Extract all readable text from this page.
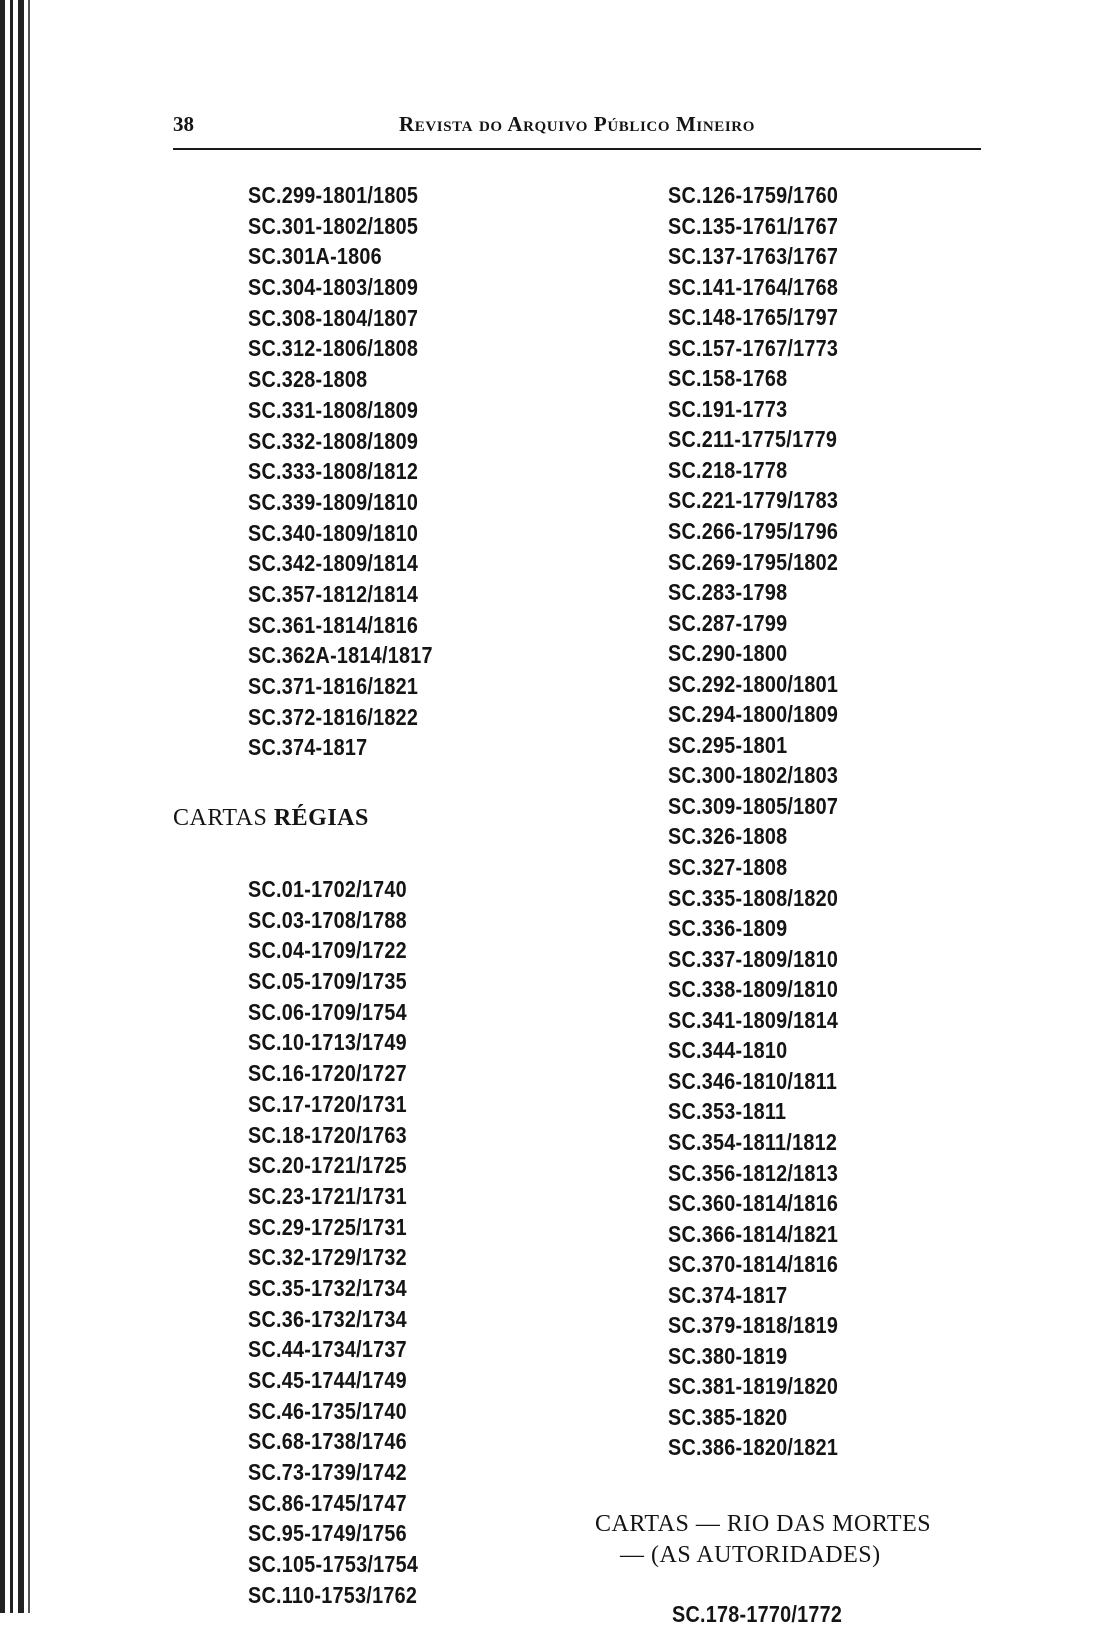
38	Revista do Arquivo Público Mineiro
SC.299-1801/1805
SC.301-1802/1805
SC.301A-1806
SC.304-1803/1809
SC.308-1804/1807
SC.312-1806/1808
SC.328-1808
SC.331-1808/1809
SC.332-1808/1809
SC.333-1808/1812
SC.339-1809/1810
SC.340-1809/1810
SC.342-1809/1814
SC.357-1812/1814
SC.361-1814/1816
SC.362A-1814/1817
SC.371-1816/1821
SC.372-1816/1822
SC.374-1817
CARTAS RÉGIAS
SC.01-1702/1740
SC.03-1708/1788
SC.04-1709/1722
SC.05-1709/1735
SC.06-1709/1754
SC.10-1713/1749
SC.16-1720/1727
SC.17-1720/1731
SC.18-1720/1763
SC.20-1721/1725
SC.23-1721/1731
SC.29-1725/1731
SC.32-1729/1732
SC.35-1732/1734
SC.36-1732/1734
SC.44-1734/1737
SC.45-1744/1749
SC.46-1735/1740
SC.68-1738/1746
SC.73-1739/1742
SC.86-1745/1747
SC.95-1749/1756
SC.105-1753/1754
SC.110-1753/1762
SC.126-1759/1760
SC.135-1761/1767
SC.137-1763/1767
SC.141-1764/1768
SC.148-1765/1797
SC.157-1767/1773
SC.158-1768
SC.191-1773
SC.211-1775/1779
SC.218-1778
SC.221-1779/1783
SC.266-1795/1796
SC.269-1795/1802
SC.283-1798
SC.287-1799
SC.290-1800
SC.292-1800/1801
SC.294-1800/1809
SC.295-1801
SC.300-1802/1803
SC.309-1805/1807
SC.326-1808
SC.327-1808
SC.335-1808/1820
SC.336-1809
SC.337-1809/1810
SC.338-1809/1810
SC.341-1809/1814
SC.344-1810
SC.346-1810/1811
SC.353-1811
SC.354-1811/1812
SC.356-1812/1813
SC.360-1814/1816
SC.366-1814/1821
SC.370-1814/1816
SC.374-1817
SC.379-1818/1819
SC.380-1819
SC.381-1819/1820
SC.385-1820
SC.386-1820/1821
CARTAS — RIO DAS MORTES
— (AS AUTORIDADES)
SC.178-1770/1772
